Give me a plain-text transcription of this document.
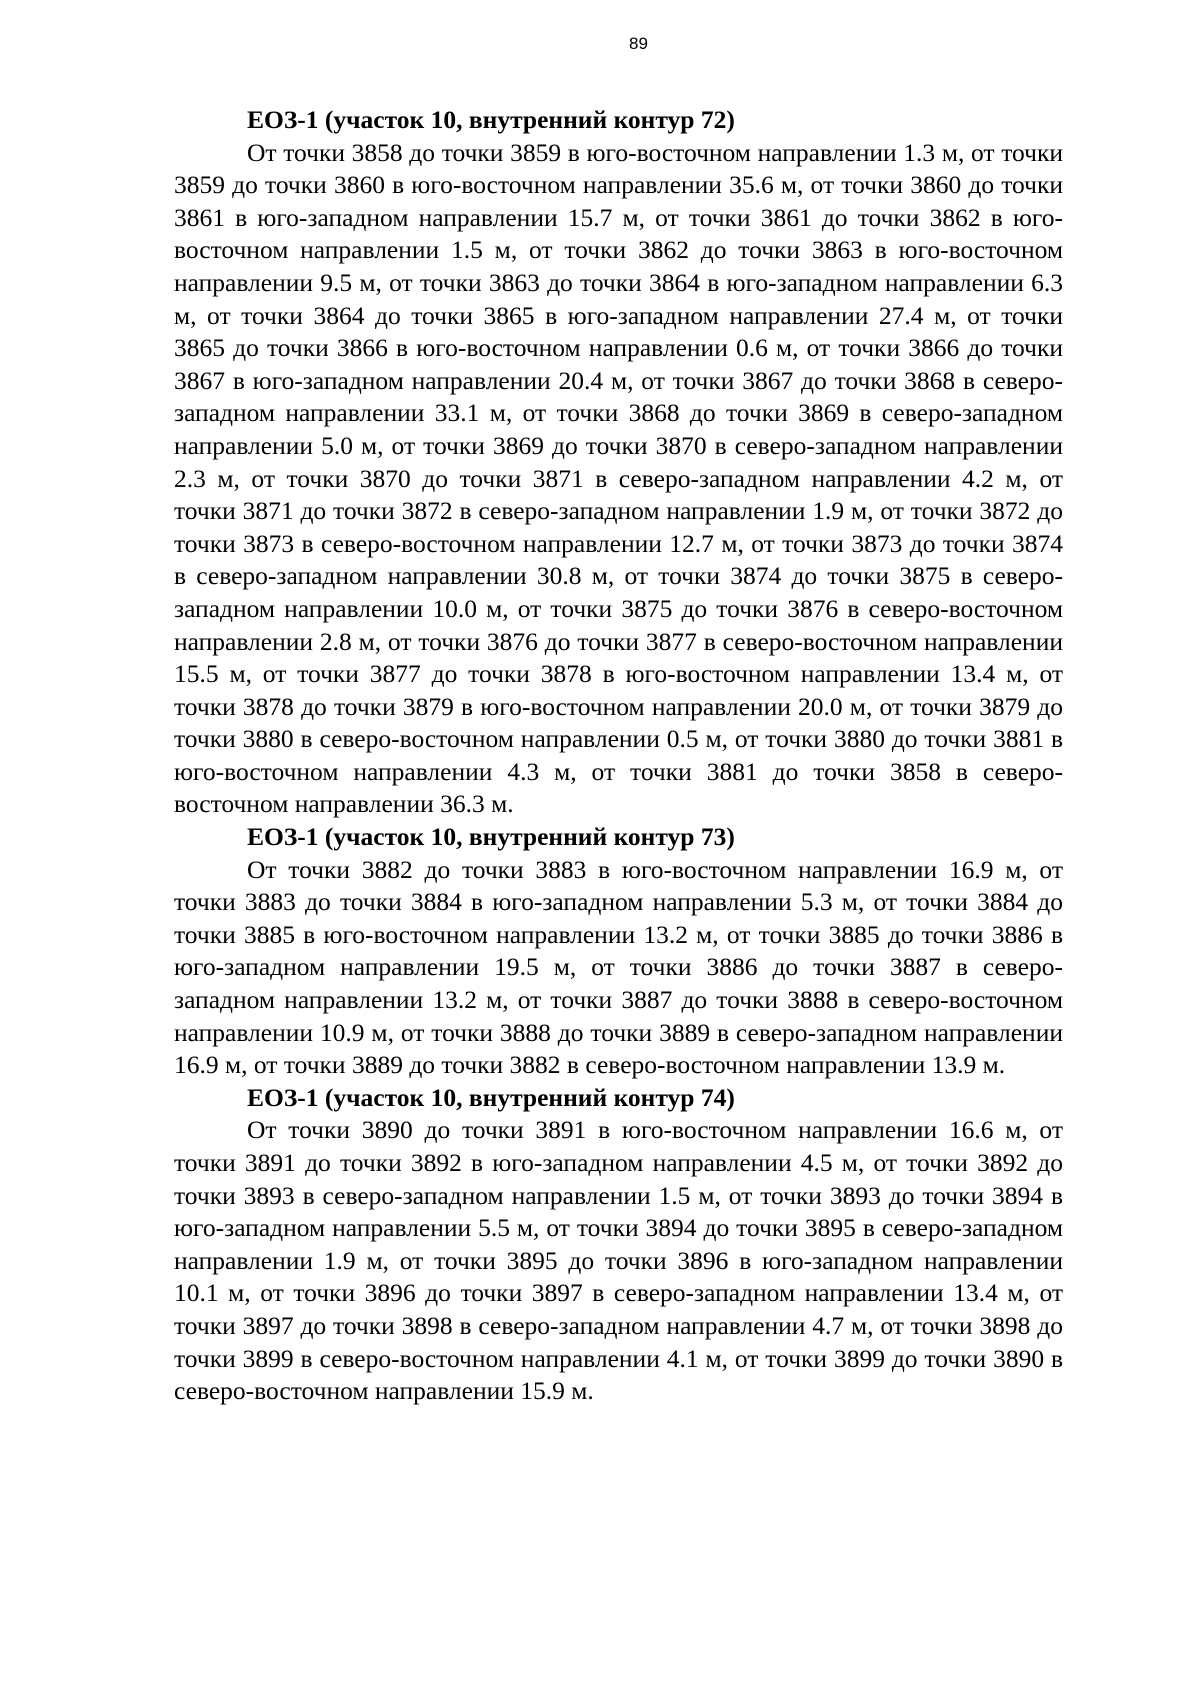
89

ЕОЗ-1 (участок 10, внутренний контур 72)

От точки 3858 до точки 3859 в юго-восточном направлении 1.3 м, от точки 3859 до точки 3860 в юго-восточном направлении 35.6 м, от точки 3860 до точки 3861 в юго-западном направлении 15.7 м, от точки 3861 до точки 3862 в юго-восточном направлении 1.5 м, от точки 3862 до точки 3863 в юго-восточном направлении 9.5 м, от точки 3863 до точки 3864 в юго-западном направлении 6.3 м, от точки 3864 до точки 3865 в юго-западном направлении 27.4 м, от точки 3865 до точки 3866 в юго-восточном направлении 0.6 м, от точки 3866 до точки 3867 в юго-западном направлении 20.4 м, от точки 3867 до точки 3868 в северо-западном направлении 33.1 м, от точки 3868 до точки 3869 в северо-западном направлении 5.0 м, от точки 3869 до точки 3870 в северо-западном направлении 2.3 м, от точки 3870 до точки 3871 в северо-западном направлении 4.2 м, от точки 3871 до точки 3872 в северо-западном направлении 1.9 м, от точки 3872 до точки 3873 в северо-восточном направлении 12.7 м, от точки 3873 до точки 3874 в северо-западном направлении 30.8 м, от точки 3874 до точки 3875 в северо-западном направлении 10.0 м, от точки 3875 до точки 3876 в северо-восточном направлении 2.8 м, от точки 3876 до точки 3877 в северо-восточном направлении 15.5 м, от точки 3877 до точки 3878 в юго-восточном направлении 13.4 м, от точки 3878 до точки 3879 в юго-восточном направлении 20.0 м, от точки 3879 до точки 3880 в северо-восточном направлении 0.5 м, от точки 3880 до точки 3881 в юго-восточном направлении 4.3 м, от точки 3881 до точки 3858 в северо-восточном направлении 36.3 м.

ЕОЗ-1 (участок 10, внутренний контур 73)

От точки 3882 до точки 3883 в юго-восточном направлении 16.9 м, от точки 3883 до точки 3884 в юго-западном направлении 5.3 м, от точки 3884 до точки 3885 в юго-восточном направлении 13.2 м, от точки 3885 до точки 3886 в юго-западном направлении 19.5 м, от точки 3886 до точки 3887 в северо-западном направлении 13.2 м, от точки 3887 до точки 3888 в северо-восточном направлении 10.9 м, от точки 3888 до точки 3889 в северо-западном направлении 16.9 м, от точки 3889 до точки 3882 в северо-восточном направлении 13.9 м.

ЕОЗ-1 (участок 10, внутренний контур 74)

От точки 3890 до точки 3891 в юго-восточном направлении 16.6 м, от точки 3891 до точки 3892 в юго-западном направлении 4.5 м, от точки 3892 до точки 3893 в северо-западном направлении 1.5 м, от точки 3893 до точки 3894 в юго-западном направлении 5.5 м, от точки 3894 до точки 3895 в северо-западном направлении 1.9 м, от точки 3895 до точки 3896 в юго-западном направлении 10.1 м, от точки 3896 до точки 3897 в северо-западном направлении 13.4 м, от точки 3897 до точки 3898 в северо-западном направлении 4.7 м, от точки 3898 до точки 3899 в северо-восточном направлении 4.1 м, от точки 3899 до точки 3890 в северо-восточном направлении 15.9 м.
